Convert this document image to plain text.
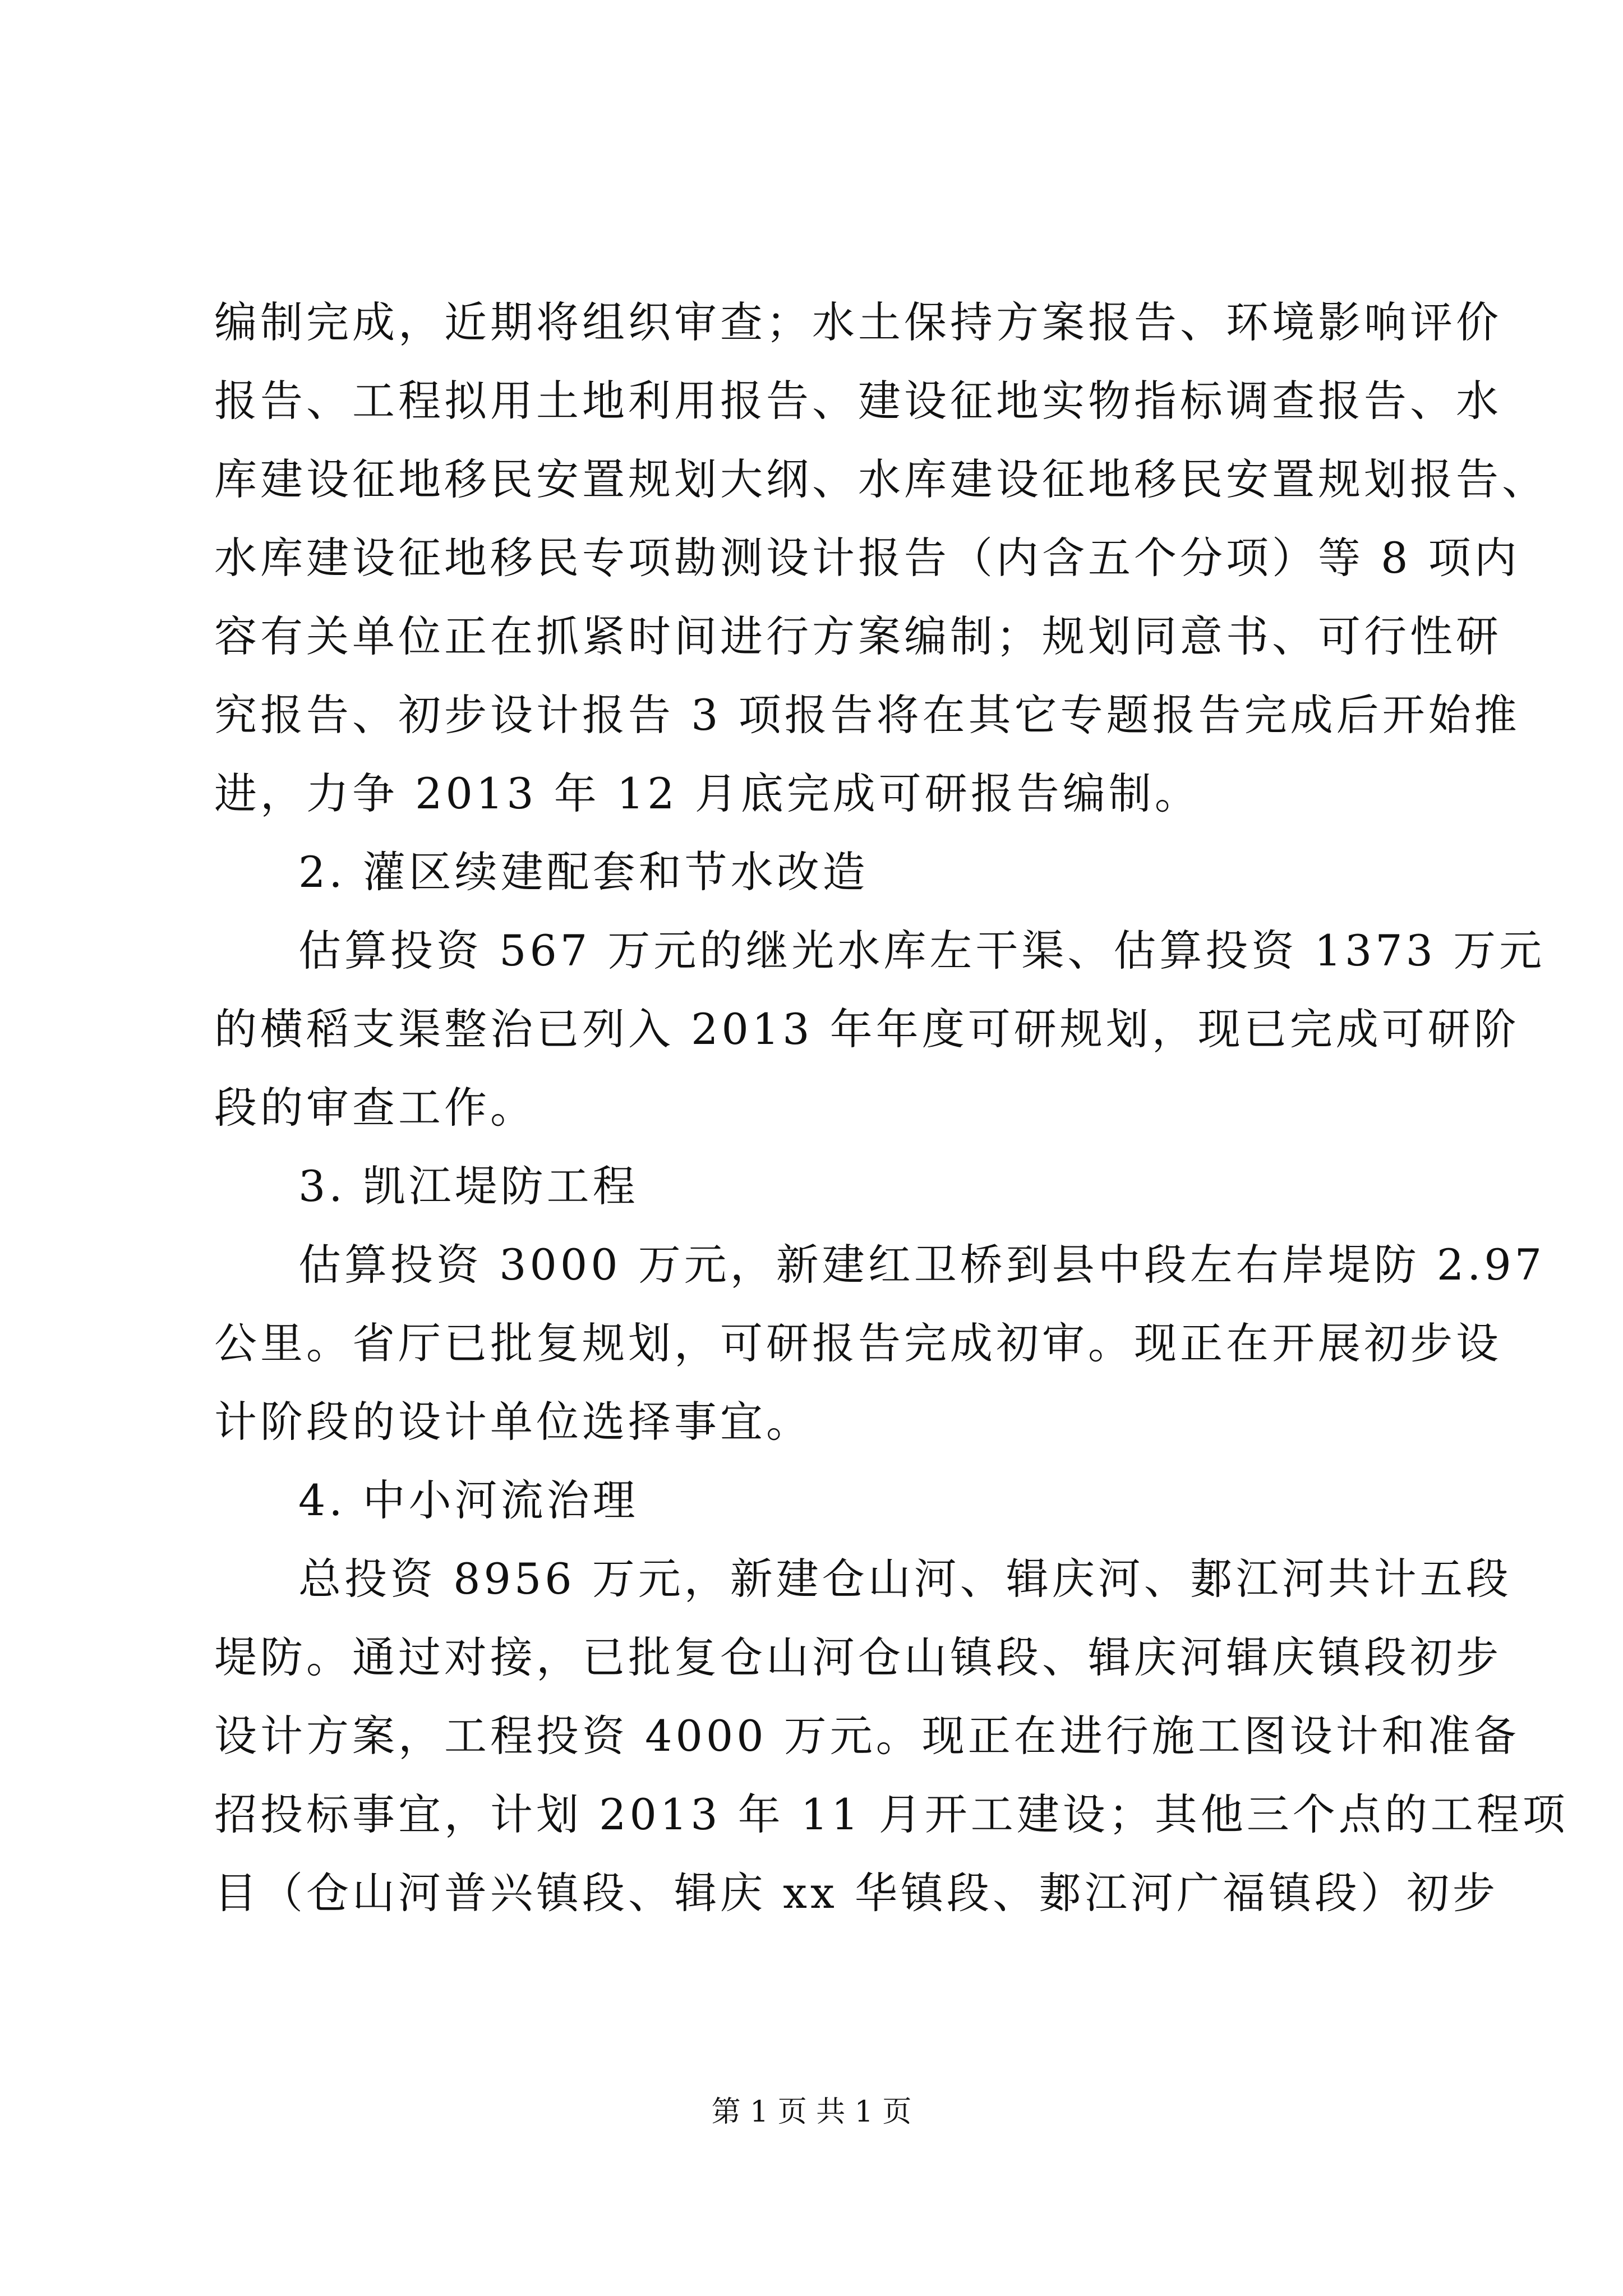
编制完成，近期将组织审查；水土保持方案报告、环境影响评价
报告、工程拟用土地利用报告、建设征地实物指标调查报告、水
库建设征地移民安置规划大纲、水库建设征地移民安置规划报告、
水库建设征地移民专项勘测设计报告（内含五个分项）等 8 项内
容有关单位正在抓紧时间进行方案编制；规划同意书、可行性研
究报告、初步设计报告 3 项报告将在其它专题报告完成后开始推
进，力争 2013 年 12 月底完成可研报告编制。
2. 灌区续建配套和节水改造
估算投资 567 万元的继光水库左干渠、估算投资 1373 万元
的横稻支渠整治已列入 2013 年年度可研规划，现已完成可研阶
段的审查工作。
3. 凯江堤防工程
估算投资 3000 万元，新建红卫桥到县中段左右岸堤防 2.97
公里。省厅已批复规划，可研报告完成初审。现正在开展初步设
计阶段的设计单位选择事宜。
4. 中小河流治理
总投资 8956 万元，新建仓山河、辑庆河、郪江河共计五段
堤防。通过对接，已批复仓山河仓山镇段、辑庆河辑庆镇段初步
设计方案，工程投资 4000 万元。现正在进行施工图设计和准备
招投标事宜，计划 2013 年 11 月开工建设；其他三个点的工程项
目（仓山河普兴镇段、辑庆 xx 华镇段、郪江河广福镇段）初步
第 1 页 共 1 页
